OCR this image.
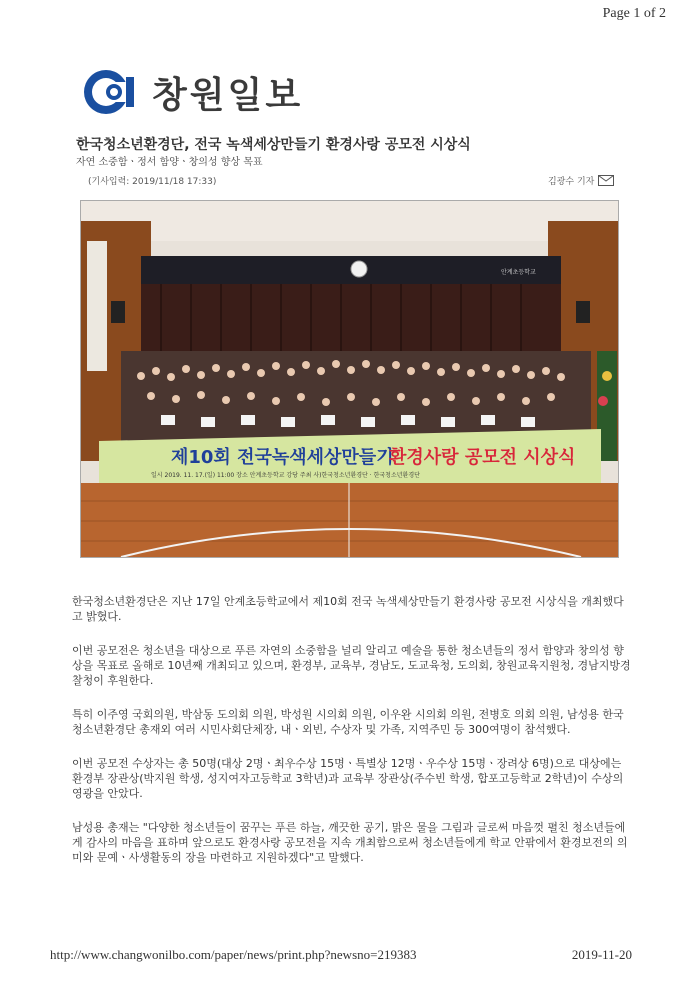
Page 1 of 2
창원일보
한국청소년환경단, 전국 녹색세상만들기 환경사랑 공모전 시상식
자연 소중함ㆍ정서 함양ㆍ창의성 향상 목표
(기사입력: 2019/11/18 17:33)	김광수 기자
안계초등학교
제10회 전국녹색세상만들기
환경사랑 공모전 시상식
일시 2019. 11. 17.(일) 11:00 장소 안계초등학교 강당 주최 사)한국청소년환경단 · 한국청소년환경단

한국청소년환경단은 지난 17일 안계초등학교에서 제10회 전국 녹색세상만들기 환경사랑 공모전 시상식을 개최했다고 밝혔다.

이번 공모전은 청소년을 대상으로 푸른 자연의 소중함을 널리 알리고 예술을 통한 청소년들의 정서 함양과 창의성 향상을 목표로 올해로 10년째 개최되고 있으며, 환경부, 교육부, 경남도, 도교육청, 도의회, 창원교육지원청, 경남지방경찰청이 후원한다.

특히 이주영 국회의원, 박삼동 도의회 의원, 박성원 시의회 의원, 이우완 시의회 의원, 전병호 의회 의원, 남성용 한국청소년환경단 총재외 여러 시민사회단체장, 내ㆍ외빈, 수상자 및 가족, 지역주민 등 300여명이 참석했다.

이번 공모전 수상자는 총 50명(대상 2명ㆍ최우수상 15명ㆍ특별상 12명ㆍ우수상 15명ㆍ장려상 6명)으로 대상에는 환경부 장관상(박지원 학생, 성지여자고등학교 3학년)과 교육부 장관상(주수빈 학생, 합포고등학교 2학년)이 수상의 영광을 안았다.

남성용 총재는 "다양한 청소년들이 꿈꾸는 푸른 하늘, 깨끗한 공기, 맑은 물을 그림과 글로써 마음껏 펼친 청소년들에게 감사의 마음을 표하며 앞으로도 환경사랑 공모전을 지속 개최함으로써 청소년들에게 학교 안팎에서 환경보전의 의미와 문예ㆍ사생활동의 장을 마련하고 지원하겠다"고 말했다.

http://www.changwonilbo.com/paper/news/print.php?newsno=219383	2019-11-20
